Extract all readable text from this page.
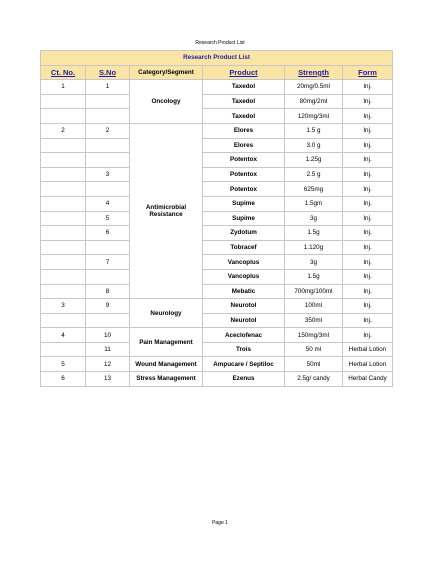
Research Product List
Research Product List					
Ct. No.	S.No	Category/Segment	Product	Strength	Form
1	1	Oncology	Taxedol	20mg/0.5ml	Inj.
			Taxedol	80mg/2ml	Inj.
			Taxedol	120mg/3ml	Inj.
2	2	Antimicrobial Resistance	Elores	1.5 g	Inj.
			Elores	3.0 g	Inj.
			Potentox	1.25g	Inj.
	3		Potentox	2.5 g	Inj.
			Potentox	625mg	Inj.
	4		Supime	1.5gm	Inj.
	5		Supime	3g	Inj.
	6		Zydotum	1.5g	Inj.
			Tobracef	1.120g	Inj.
	7		Vancoplus	3g	Inj.
			Vancoplus	1.5g	Inj.
	8		Mebatic	700mg/100ml	Inj.
3	9	Neurology	Neurotol	100ml	Inj.
			Neurotol	350ml	Inj.
4	10	Pain Management	Aceclofenac	150mg/3ml	Inj.
	11		Trois	50 ml	Herbal Lotion
5	12	Wound Management	Ampucare / Septiloc	50ml	Herbal Lotion
6	13	Stress Management	Ezenus	2.5g/ candy	Herbal Candy
Page 1
